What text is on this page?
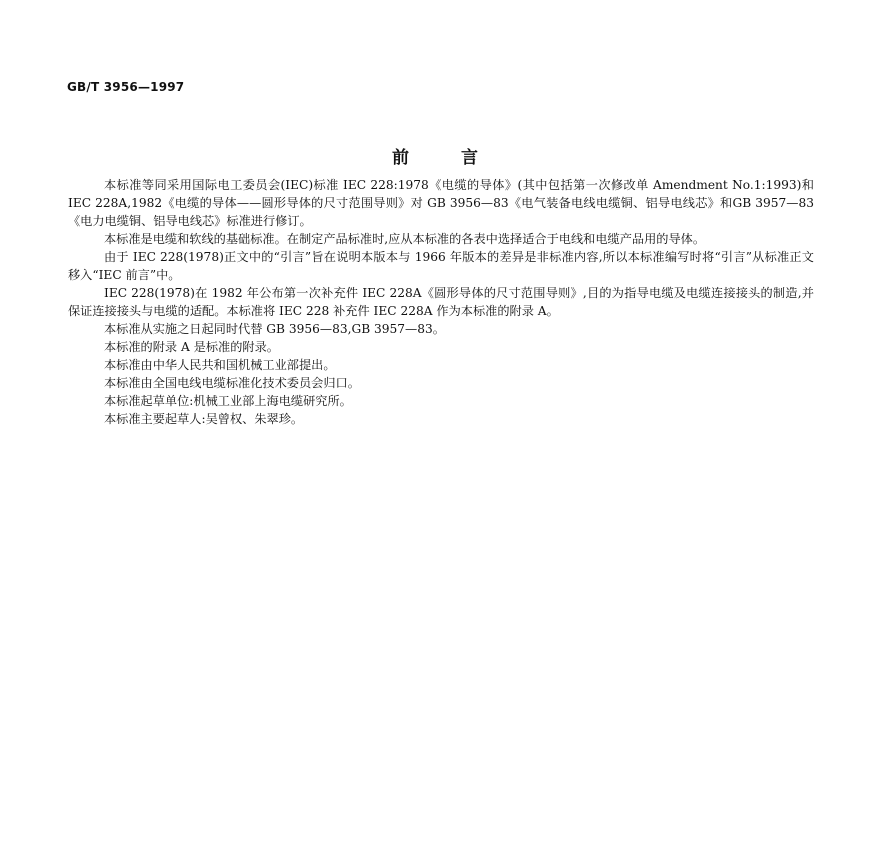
GB/T 3956—1997
前言

本标准等同采用国际电工委员会(IEC)标准 IEC 228:1978《电缆的导体》(其中包括第一次修改单 Amendment No.1:1993)和 IEC 228A,1982《电缆的导体——圆形导体的尺寸范围导则》对 GB 3956—83《电气装备电线电缆铜、铝导电线芯》和GB 3957—83《电力电缆铜、铝导电线芯》标准进行修订。

本标准是电缆和软线的基础标准。在制定产品标准时,应从本标准的各表中选择适合于电线和电缆产品用的导体。

由于 IEC 228(1978)正文中的“引言”旨在说明本版本与 1966 年版本的差异是非标准内容,所以本标准编写时将“引言”从标准正文移入“IEC 前言”中。

IEC 228(1978)在 1982 年公布第一次补充件 IEC 228A《圆形导体的尺寸范围导则》,目的为指导电缆及电缆连接接头的制造,并保证连接接头与电缆的适配。本标准将 IEC 228 补充件 IEC 228A 作为本标准的附录 A。

本标准从实施之日起同时代替 GB 3956—83,GB 3957—83。

本标准的附录 A 是标准的附录。

本标准由中华人民共和国机械工业部提出。

本标准由全国电线电缆标准化技术委员会归口。

本标准起草单位:机械工业部上海电缆研究所。

本标准主要起草人:吴曾权、朱翠珍。
